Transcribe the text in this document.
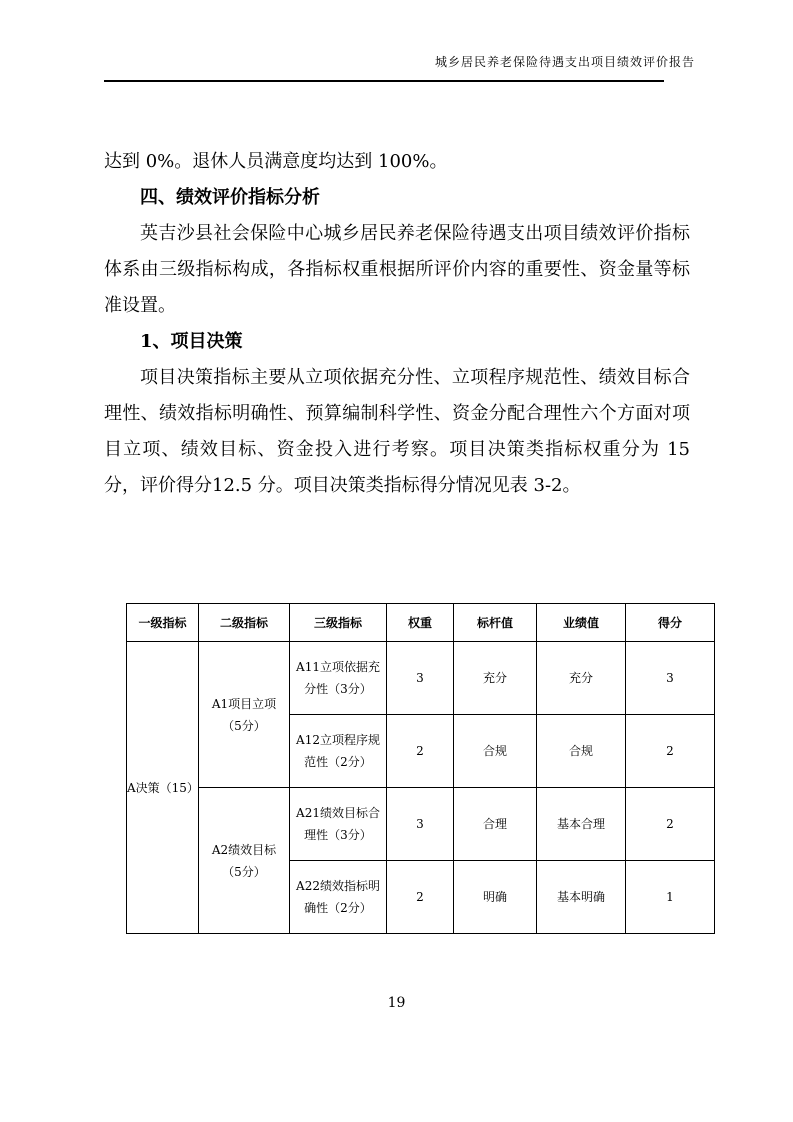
城乡居民养老保险待遇支出项目绩效评价报告

达到 0%。退休人员满意度均达到 100%。

四、绩效评价指标分析

英吉沙县社会保险中心城乡居民养老保险待遇支出项目绩效评价指标体系由三级指标构成，各指标权重根据所评价内容的重要性、资金量等标准设置。

1、项目决策

项目决策指标主要从立项依据充分性、立项程序规范性、绩效目标合理性、绩效指标明确性、预算编制科学性、资金分配合理性六个方面对项目立项、绩效目标、资金投入进行考察。项目决策类指标权重分为 15 分，评价得分12.5 分。项目决策类指标得分情况见表 3-2。

一级指标	二级指标	三级指标	权重	标杆值	业绩值	得分
A决策（15）	A1项目立项（5分）	A11立项依据充分性（3分）	3	充分	充分	3
		A12立项程序规范性（2分）	2	合规	合规	2
	A2绩效目标（5分）	A21绩效目标合理性（3分）	3	合理	基本合理	2
		A22绩效指标明确性（2分）	2	明确	基本明确	1
19
